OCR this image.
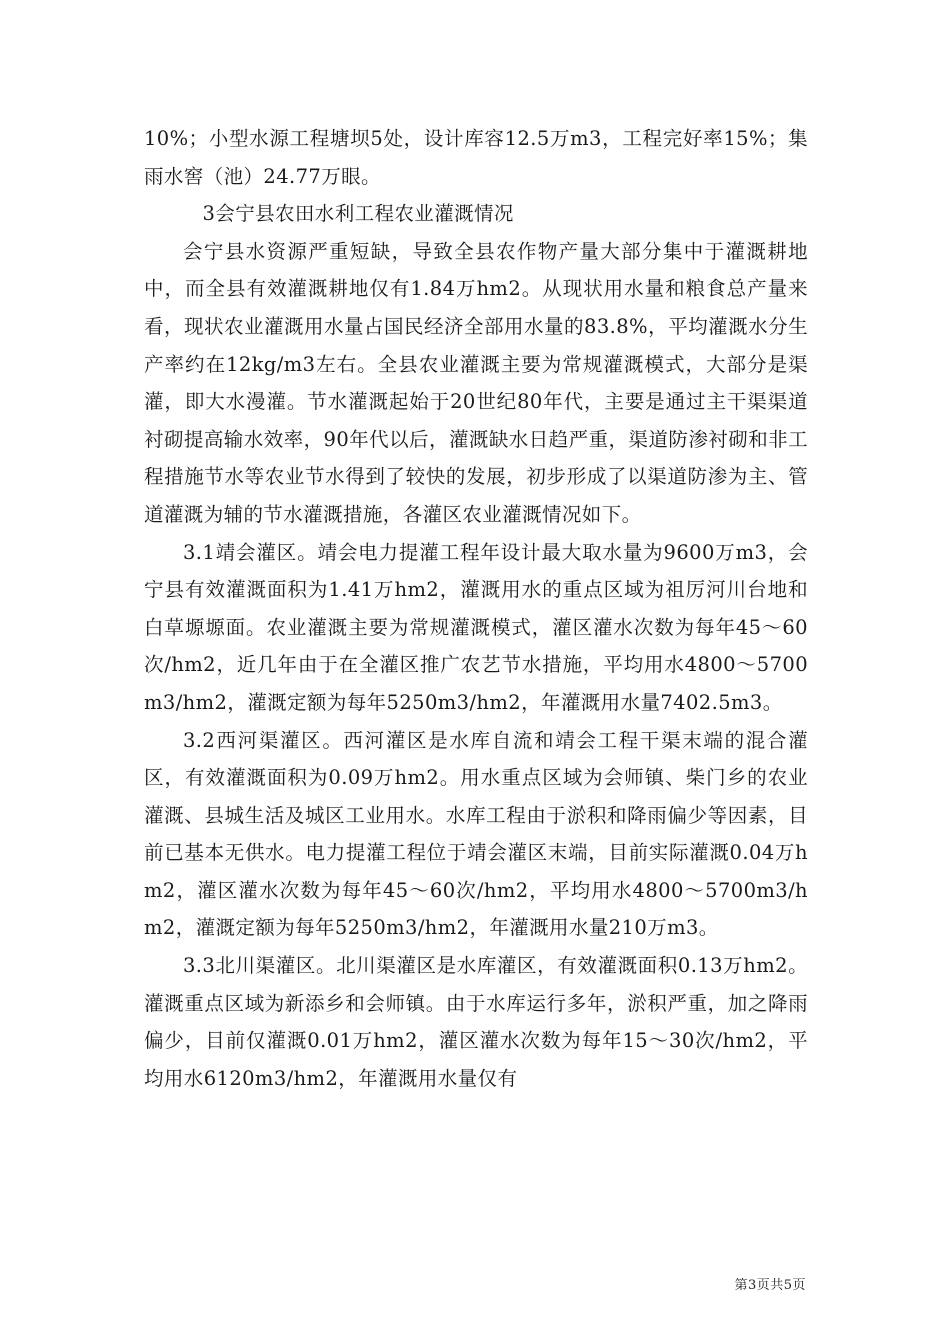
10%；小型水源工程塘坝5处，设计库容12.5万m3，工程完好率15%；集雨水窖（池）24.77万眼。

3会宁县农田水利工程农业灌溉情况

会宁县水资源严重短缺，导致全县农作物产量大部分集中于灌溉耕地中，而全县有效灌溉耕地仅有1.84万hm2。从现状用水量和粮食总产量来看，现状农业灌溉用水量占国民经济全部用水量的83.8%，平均灌溉水分生产率约在12kg/m3左右。全县农业灌溉主要为常规灌溉模式，大部分是渠灌，即大水漫灌。节水灌溉起始于20世纪80年代，主要是通过主干渠渠道衬砌提高输水效率，90年代以后，灌溉缺水日趋严重，渠道防渗衬砌和非工程措施节水等农业节水得到了较快的发展，初步形成了以渠道防渗为主、管道灌溉为辅的节水灌溉措施，各灌区农业灌溉情况如下。

3.1靖会灌区。靖会电力提灌工程年设计最大取水量为9600万m3，会宁县有效灌溉面积为1.41万hm2，灌溉用水的重点区域为祖厉河川台地和白草塬塬面。农业灌溉主要为常规灌溉模式，灌区灌水次数为每年45～60次/hm2，近几年由于在全灌区推广农艺节水措施，平均用水4800～5700m3/hm2，灌溉定额为每年5250m3/hm2，年灌溉用水量7402.5m3。

3.2西河渠灌区。西河灌区是水库自流和靖会工程干渠末端的混合灌区，有效灌溉面积为0.09万hm2。用水重点区域为会师镇、柴门乡的农业灌溉、县城生活及城区工业用水。水库工程由于淤积和降雨偏少等因素，目前已基本无供水。电力提灌工程位于靖会灌区末端，目前实际灌溉0.04万hm2，灌区灌水次数为每年45～60次/hm2，平均用水4800～5700m3/hm2，灌溉定额为每年5250m3/hm2，年灌溉用水量210万m3。

3.3北川渠灌区。北川渠灌区是水库灌区，有效灌溉面积0.13万hm2。灌溉重点区域为新添乡和会师镇。由于水库运行多年，淤积严重，加之降雨偏少，目前仅灌溉0.01万hm2，灌区灌水次数为每年15～30次/hm2，平均用水6120m3/hm2，年灌溉用水量仅有

第3页共5页
